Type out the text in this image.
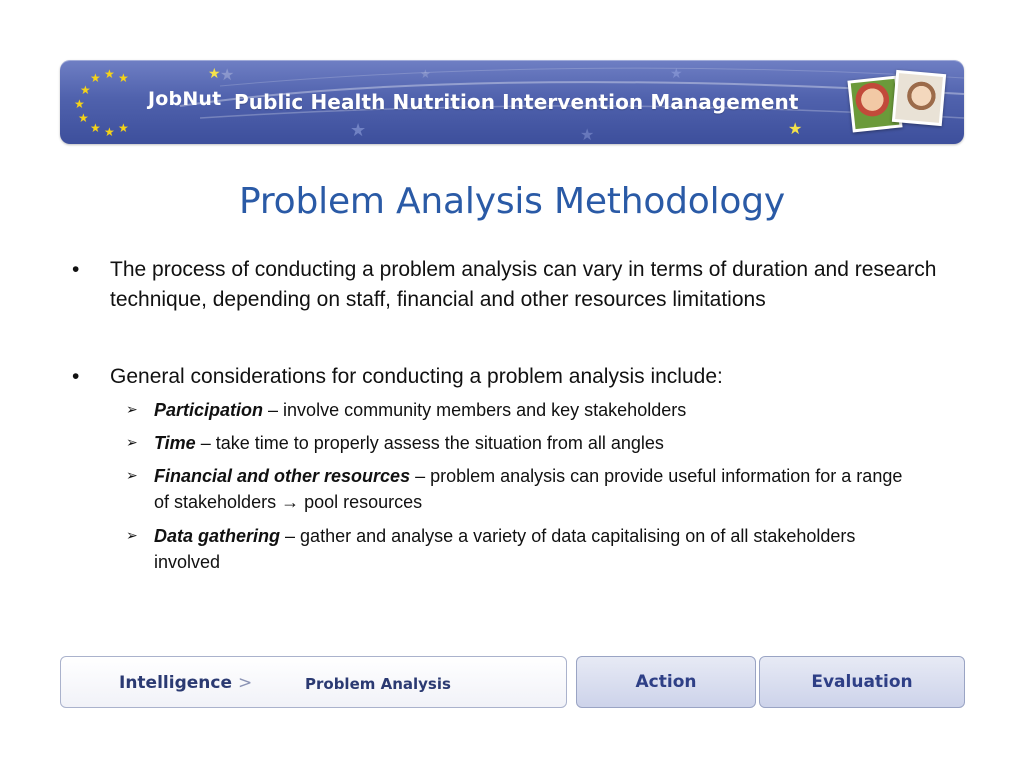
★
★
★
★
★	★
★
★ ★ ★
★
★
★
★ ★ ★
JobNut Public Health Nutrition Intervention Management
Problem Analysis Methodology
•	The process of conducting a problem analysis can vary in terms of duration and research technique, depending on staff, financial and other resources limitations
•	General considerations for conducting a problem analysis include:
➢ Participation – involve community members and key stakeholders
➢ Time – take time to properly assess the situation from all angles
➢ Financial and other resources – problem analysis can provide useful information for a range of stakeholders → pool resources
➢ Data gathering – gather and analyse a variety of data capitalising on of all stakeholders involved
Intelligence >	Problem Analysis	Action	Evaluation
